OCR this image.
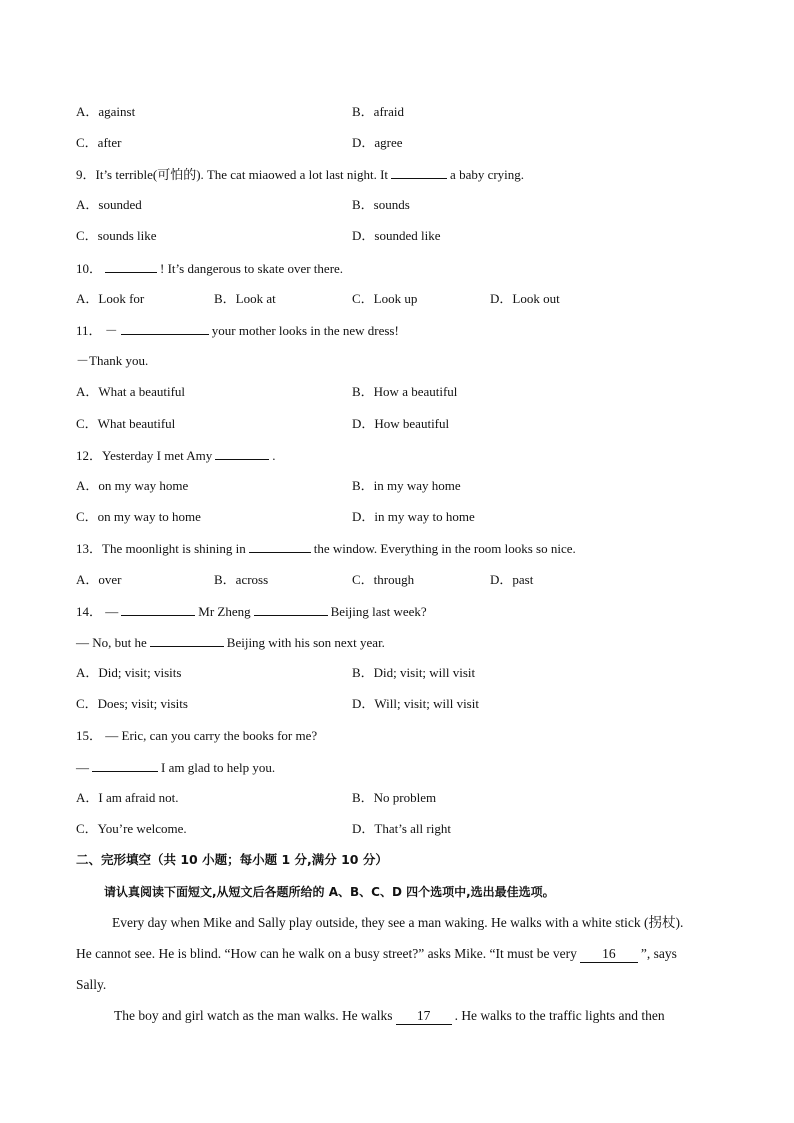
A．against	B．afraid
C．after	D．agree
9．It’s terrible(可怕的). The cat miaowed a lot last night. It	a baby crying.
A．sounded	B．sounds
C．sounds like	D．sounded like
10．	! It’s dangerous to skate over there.
A．Look for	B．Look at	C．Look up	D．Look out
11． －	your mother looks in the new dress!
－Thank you.
A．What a beautiful	B．How a beautiful
C．What beautiful	D．How beautiful
12．Yesterday I met Amy	.
A．on my way home	B．in my way home
C．on my way to home	D．in my way to home
13．The moonlight is shining in	the window. Everything in the room looks so nice.
A．over	B．across	C．through	D．past
14． —	Mr Zheng	Beijing last week?
— No, but he	Beijing with his son next year.
A．Did; visit; visits	B．Did; visit; will visit
C．Does; visit; visits	D．Will; visit; will visit
15． — Eric, can you carry the books for me?
—	I am glad to help you.
A．I am afraid not.	B．No problem
C．You’re welcome.	D．That’s all right
二、完形填空（共 10 小题；每小题 1 分,满分 10 分）
请认真阅读下面短文,从短文后各题所给的 A、B、C、D 四个选项中,选出最佳选项。
Every day when Mike and Sally play outside, they see a man waking. He walks with a white stick (拐杖).
He cannot see. He is blind. “How can he walk on a busy street?” asks Mike. “It must be very 16 ”, says
Sally.
The boy and girl watch as the man walks. He walks 17 . He walks to the traffic lights and then
